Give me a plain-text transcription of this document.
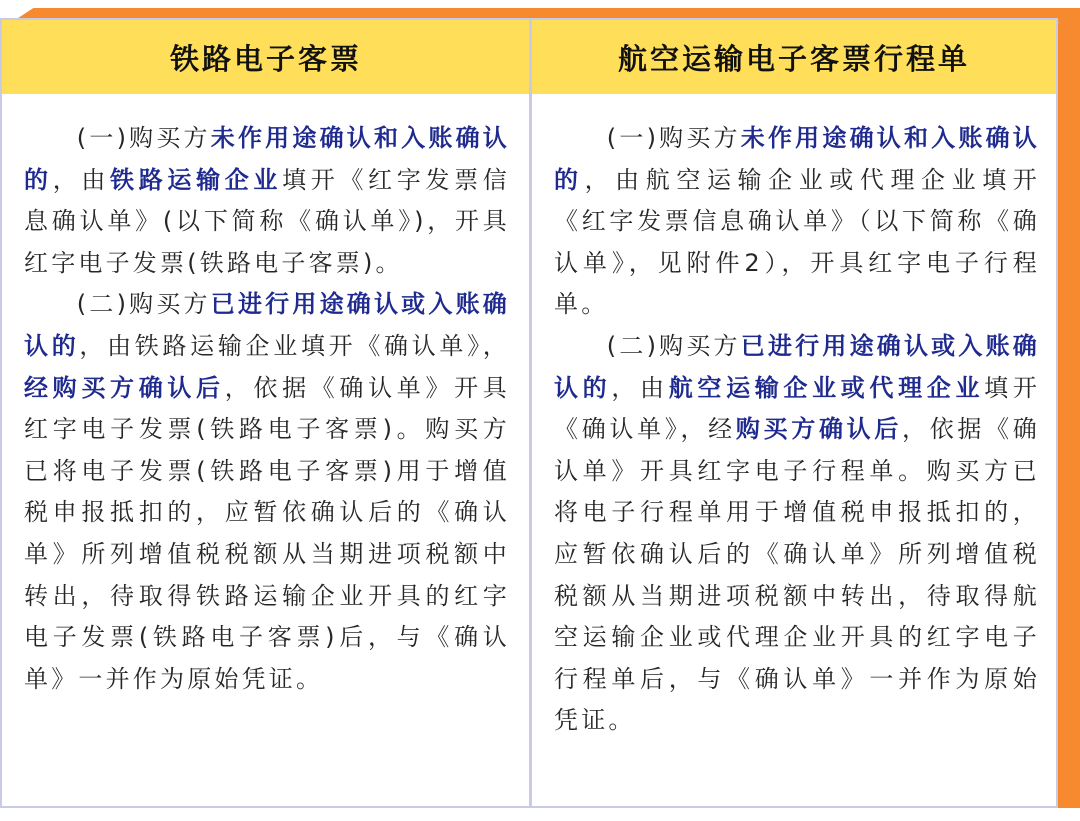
铁路电子客票	航空运输电子客票行程单

(一)购买方未作用途确认和入账确认的，由铁路运输企业填开《红字发票信息确认单》(以下简称《确认单》)，开具红字电子发票(铁路电子客票)。

(二)购买方已进行用途确认或入账确认的，由铁路运输企业填开《确认单》，经购买方确认后，依据《确认单》开具红字电子发票(铁路电子客票)。购买方已将电子发票(铁路电子客票)用于增值税申报抵扣的，应暂依确认后的《确认单》所列增值税税额从当期进项税额中转出，待取得铁路运输企业开具的红字电子发票(铁路电子客票)后，与《确认单》一并作为原始凭证。

(一)购买方未作用途确认和入账确认的，由航空运输企业或代理企业填开《红字发票信息确认单》（以下简称《确认单》，见附件2），开具红字电子行程单。

(二)购买方已进行用途确认或入账确认的，由航空运输企业或代理企业填开《确认单》，经购买方确认后，依据《确认单》开具红字电子行程单。购买方已将电子行程单用于增值税申报抵扣的，应暂依确认后的《确认单》所列增值税税额从当期进项税额中转出，待取得航空运输企业或代理企业开具的红字电子行程单后，与《确认单》一并作为原始凭证。
